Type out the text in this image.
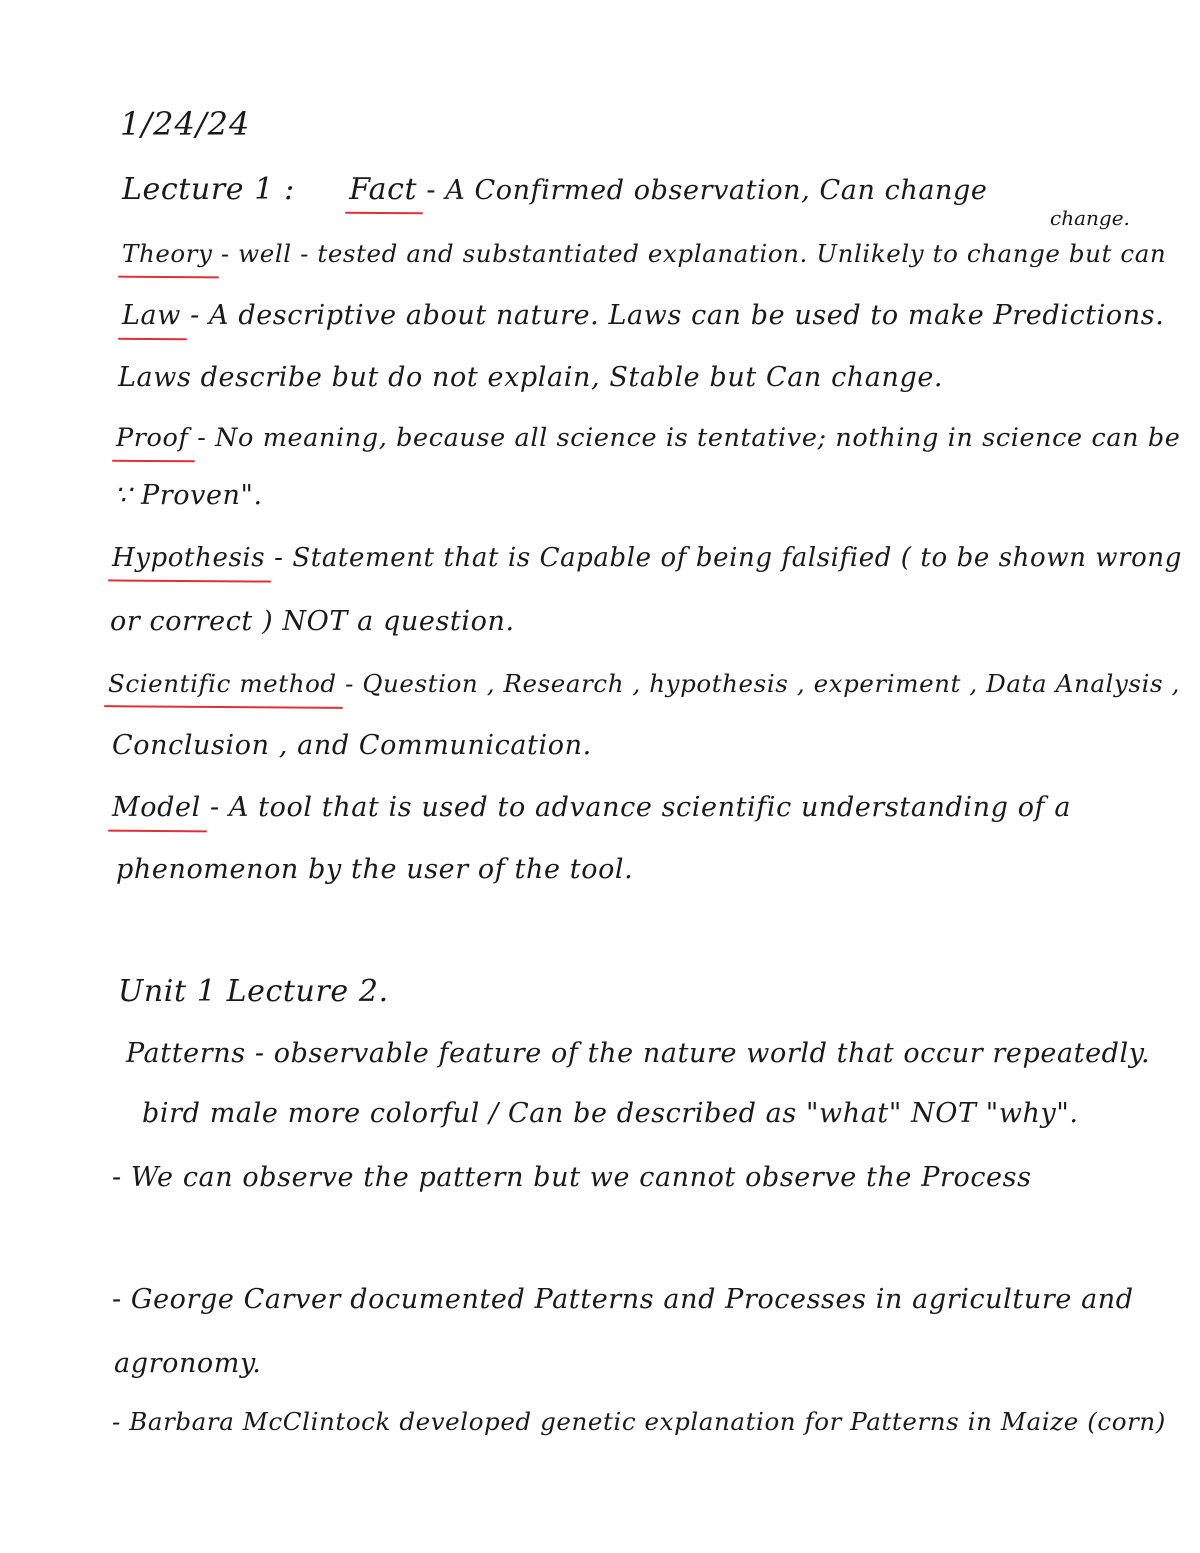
1/24/24
Lecture 1 : Fact - A Confirmed observation, Can change
change.
Theory - well - tested and substantiated explanation. Unlikely to change but can
Law - A descriptive about nature. Laws can be used to make Predictions.
Laws describe but do not explain, Stable but Can change.
Proof - No meaning, because all science is tentative; nothing in science can be
∵ Proven".
Hypothesis - Statement that is Capable of being falsified ( to be shown wrong
or correct ) NOT a question.
Scientific method - Question , Research , hypothesis , experiment , Data Analysis ,
Conclusion , and Communication.
Model - A tool that is used to advance scientific understanding of a
phenomenon by the user of the tool.
Unit 1 Lecture 2.
Patterns - observable feature of the nature world that occur repeatedly.
bird male more colorful / Can be described as "what" NOT "why".
- We can observe the pattern but we cannot observe the Process
- George Carver documented Patterns and Processes in agriculture and
agronomy.
- Barbara McClintock developed genetic explanation for Patterns in Maize (corn)
